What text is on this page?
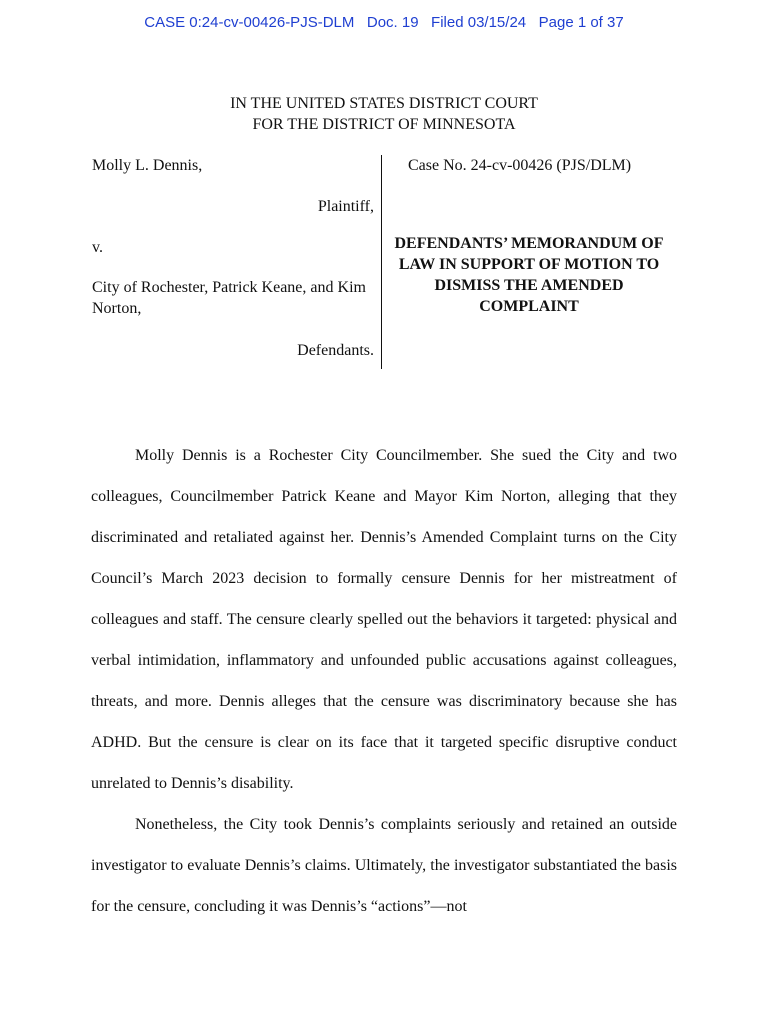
CASE 0:24-cv-00426-PJS-DLM   Doc. 19   Filed 03/15/24   Page 1 of 37
IN THE UNITED STATES DISTRICT COURT
FOR THE DISTRICT OF MINNESOTA
Molly L. Dennis,
Plaintiff,
v.
City of Rochester, Patrick Keane, and Kim Norton,
Defendants.
Case No. 24-cv-00426 (PJS/DLM)
DEFENDANTS’ MEMORANDUM OF LAW IN SUPPORT OF MOTION TO DISMISS THE AMENDED COMPLAINT

Molly Dennis is a Rochester City Councilmember. She sued the City and two colleagues, Councilmember Patrick Keane and Mayor Kim Norton, alleging that they discriminated and retaliated against her. Dennis’s Amended Complaint turns on the City Council’s March 2023 decision to formally censure Dennis for her mistreatment of colleagues and staff. The censure clearly spelled out the behaviors it targeted: physical and verbal intimidation, inflammatory and unfounded public accusations against colleagues, threats, and more. Dennis alleges that the censure was discriminatory because she has ADHD. But the censure is clear on its face that it targeted specific disruptive conduct unrelated to Dennis’s disability.

Nonetheless, the City took Dennis’s complaints seriously and retained an outside investigator to evaluate Dennis’s claims. Ultimately, the investigator substantiated the basis for the censure, concluding it was Dennis’s “actions”—not
